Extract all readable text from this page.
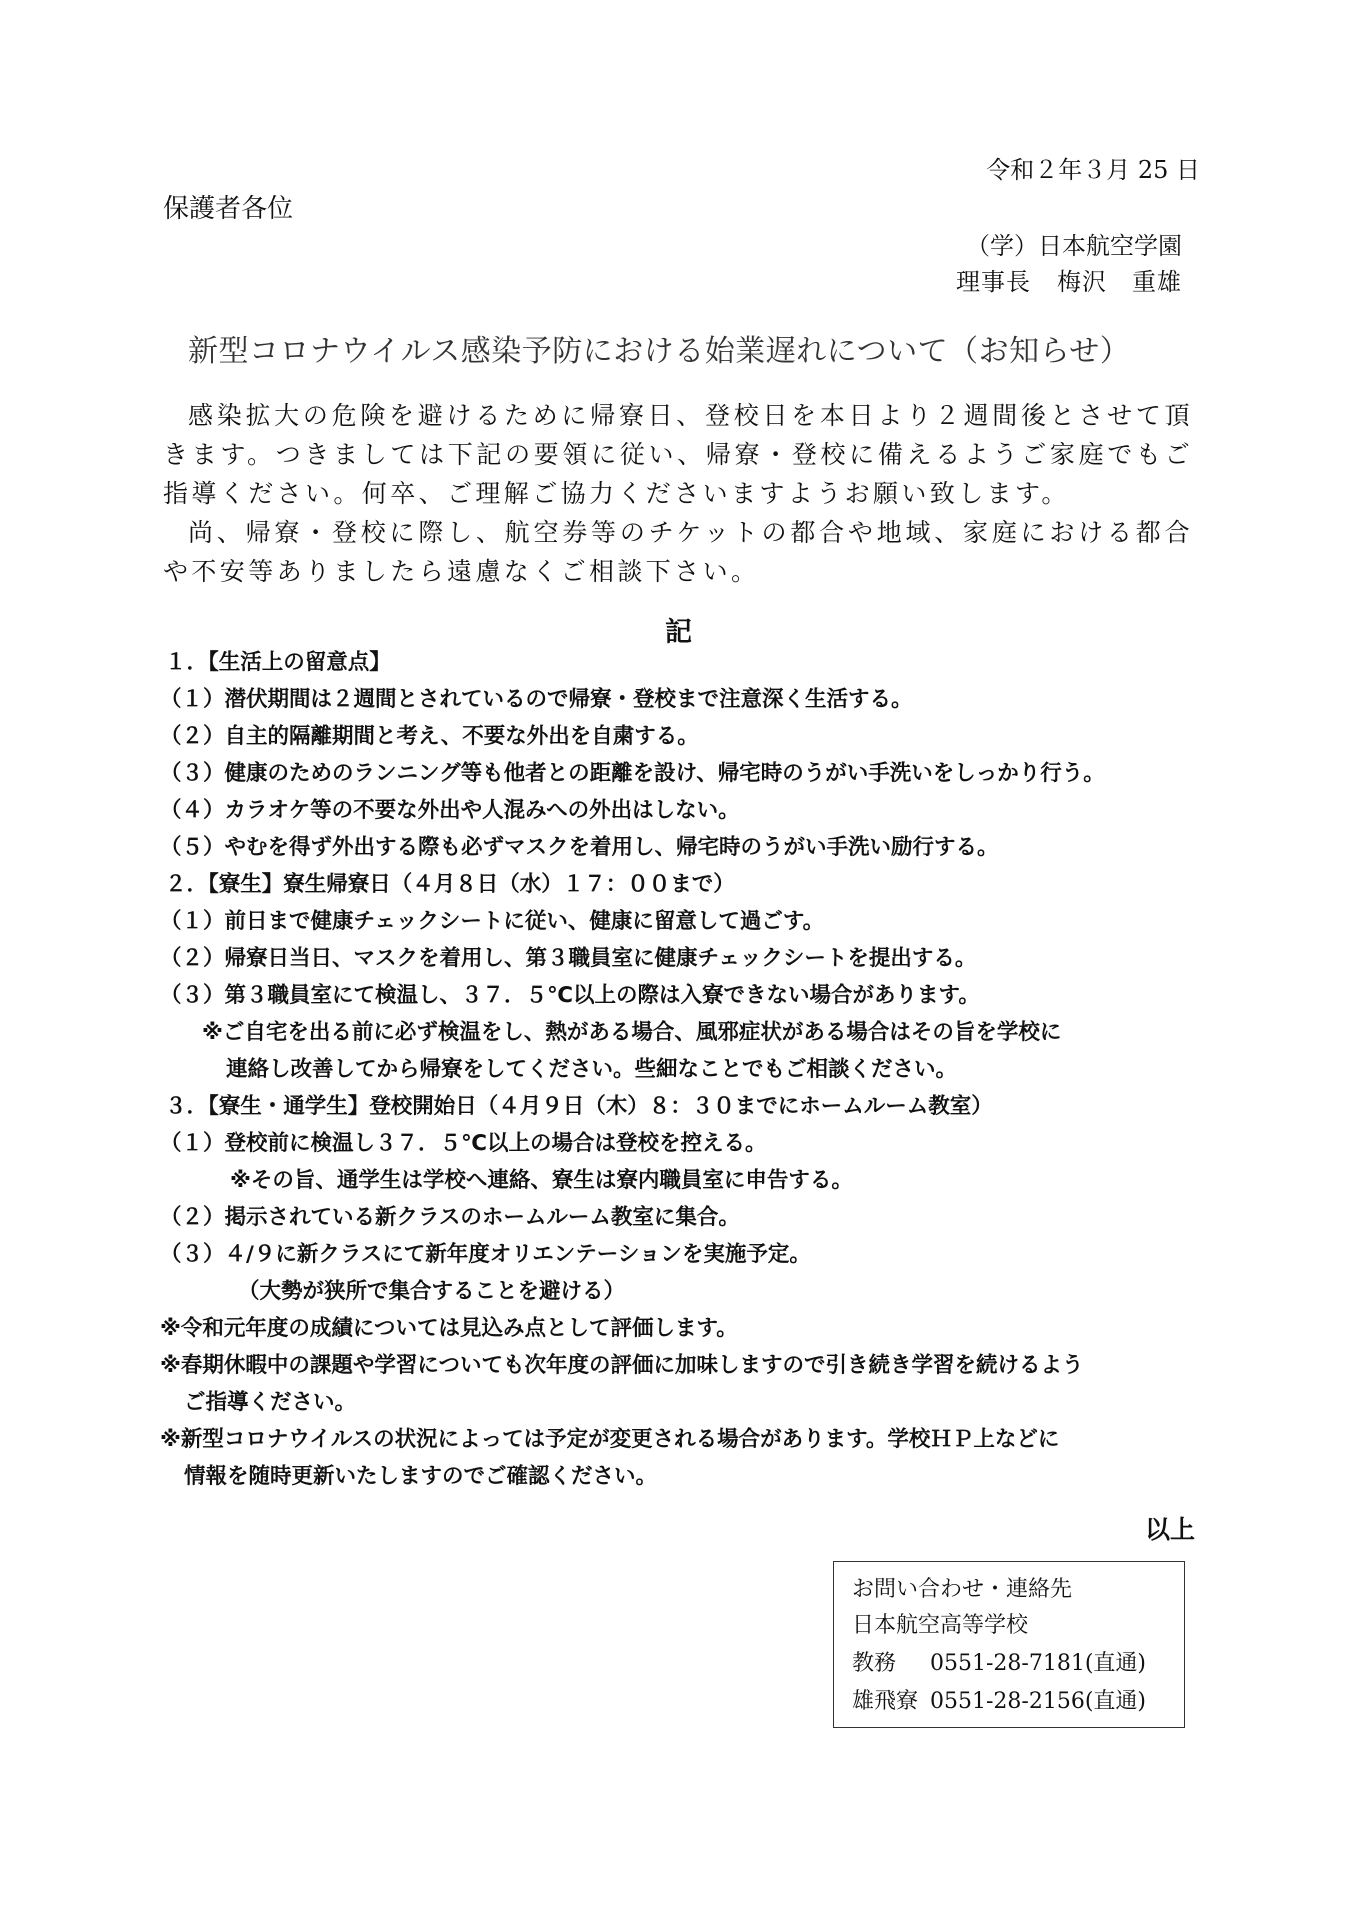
令和２年３月 25 日
保護者各位
（学）日本航空学園
理事長 梅沢　重雄
新型コロナウイルス感染予防における始業遅れについて（お知らせ）

感染拡大の危険を避けるために帰寮日、登校日を本日より２週間後とさせて頂きます。つきましては下記の要領に従い、帰寮・登校に備えるようご家庭でもご指導ください。何卒、ご理解ご協力くださいますようお願い致します。

尚、帰寮・登校に際し、航空券等のチケットの都合や地域、家庭における都合や不安等ありましたら遠慮なくご相談下さい。

記
１．【生活上の留意点】
（１）潜伏期間は２週間とされているので帰寮・登校まで注意深く生活する。
（２）自主的隔離期間と考え、不要な外出を自粛する。
（３）健康のためのランニング等も他者との距離を設け、帰宅時のうがい手洗いをしっかり行う。
（４）カラオケ等の不要な外出や人混みへの外出はしない。
（５）やむを得ず外出する際も必ずマスクを着用し、帰宅時のうがい手洗い励行する。
２．【寮生】寮生帰寮日（４月８日（水）１７：００まで）
（１）前日まで健康チェックシートに従い、健康に留意して過ごす。
（２）帰寮日当日、マスクを着用し、第３職員室に健康チェックシートを提出する。
（３）第３職員室にて検温し、３７．５℃以上の際は入寮できない場合があります。
※ご自宅を出る前に必ず検温をし、熱がある場合、風邪症状がある場合はその旨を学校に
連絡し改善してから帰寮をしてください。些細なことでもご相談ください。
３．【寮生・通学生】登校開始日（４月９日（木）８：３０までにホームルーム教室）
（１）登校前に検温し３７．５℃以上の場合は登校を控える。
※その旨、通学生は学校へ連絡、寮生は寮内職員室に申告する。
（２）掲示されている新クラスのホームルーム教室に集合。
（３）４/９に新クラスにて新年度オリエンテーションを実施予定。
（大勢が狭所で集合することを避ける）
※令和元年度の成績については見込み点として評価します。
※春期休暇中の課題や学習についても次年度の評価に加味しますので引き続き学習を続けるよう
ご指導ください。
※新型コロナウイルスの状況によっては予定が変更される場合があります。学校ＨＰ上などに
情報を随時更新いたしますのでご確認ください。
以上
お問い合わせ・連絡先
日本航空高等学校
教務 0551-28-7181(直通)
雄飛寮 0551-28-2156(直通)
